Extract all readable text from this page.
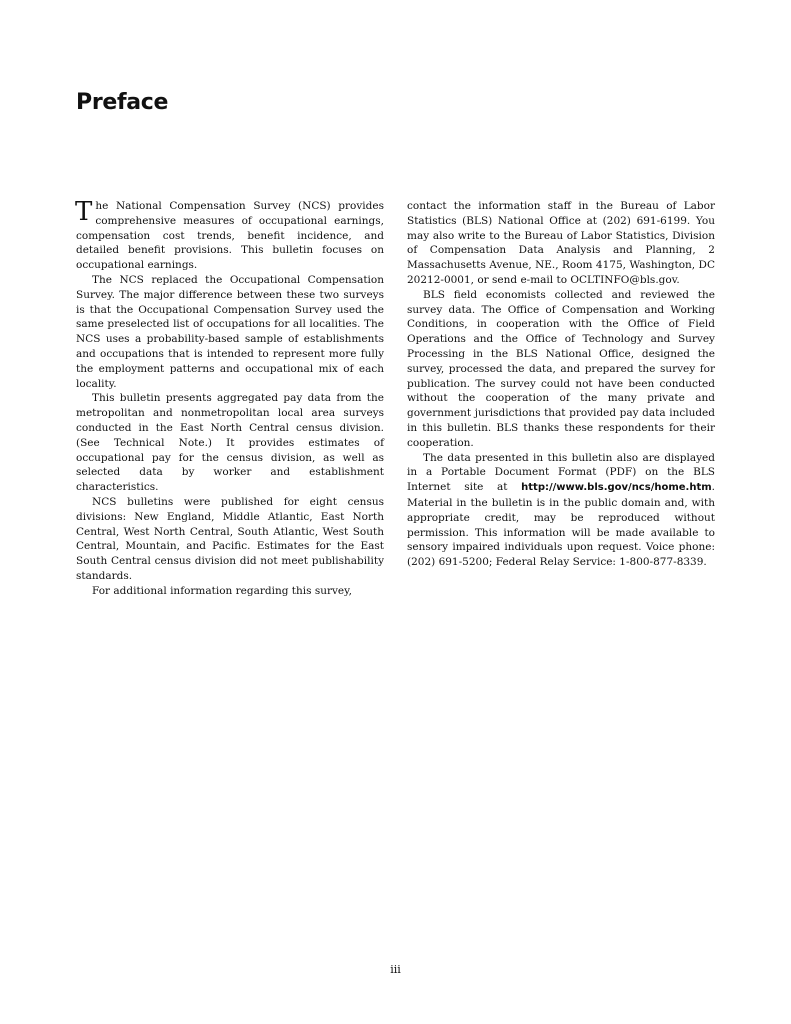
Preface

The National Compensation Survey (NCS) provides comprehensive measures of occupational earnings, compensation cost trends, benefit incidence, and detailed benefit provisions. This bulletin focuses on occupational earnings.

The NCS replaced the Occupational Compensation Survey. The major difference between these two surveys is that the Occupational Compensation Survey used the same preselected list of occupations for all localities. The NCS uses a probability-based sample of establishments and occupations that is intended to represent more fully the employment patterns and occupational mix of each locality.

This bulletin presents aggregated pay data from the metropolitan and nonmetropolitan local area surveys conducted in the East North Central census division. (See Technical Note.) It provides estimates of occupational pay for the census division, as well as selected data by worker and establishment characteristics.

NCS bulletins were published for eight census divisions: New England, Middle Atlantic, East North Central, West North Central, South Atlantic, West South Central, Mountain, and Pacific. Estimates for the East South Central census division did not meet publishability standards.

For additional information regarding this survey,

contact the information staff in the Bureau of Labor Statistics (BLS) National Office at (202) 691-6199. You may also write to the Bureau of Labor Statistics, Division of Compensation Data Analysis and Planning, 2 Massachusetts Avenue, NE., Room 4175, Washington, DC 20212-0001, or send e-mail to OCLTINFO@bls.gov.

BLS field economists collected and reviewed the survey data. The Office of Compensation and Working Conditions, in cooperation with the Office of Field Operations and the Office of Technology and Survey Processing in the BLS National Office, designed the survey, processed the data, and prepared the survey for publication. The survey could not have been conducted without the cooperation of the many private and government jurisdictions that provided pay data included in this bulletin. BLS thanks these respondents for their cooperation.

The data presented in this bulletin also are displayed in a Portable Document Format (PDF) on the BLS Internet site at http://www.bls.gov/ncs/home.htm. Material in the bulletin is in the public domain and, with appropriate credit, may be reproduced without permission. This information will be made available to sensory impaired individuals upon request. Voice phone: (202) 691-5200; Federal Relay Service: 1-800-877-8339.

iii
